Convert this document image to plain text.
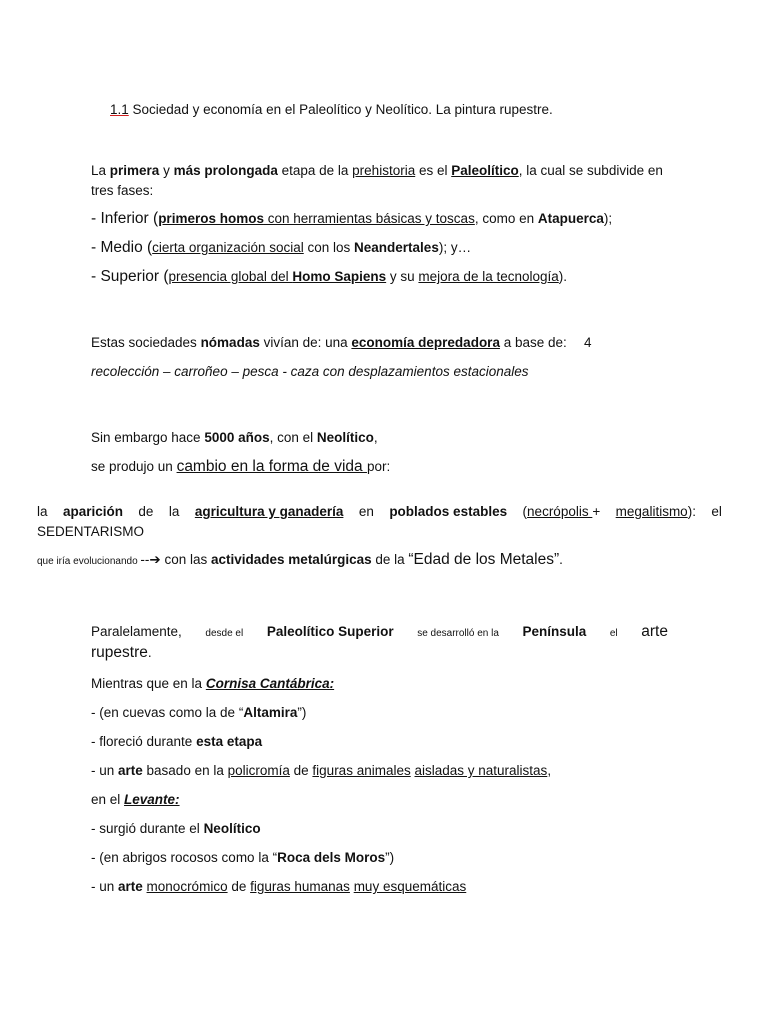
1.1 Sociedad y economía en el Paleolítico y Neolítico. La pintura rupestre.
La primera y más prolongada etapa de la prehistoria es el Paleolítico, la cual se subdivide en
tres fases:
- Inferior (primeros homos con herramientas básicas y toscas, como en Atapuerca);
- Medio (cierta organización social con los Neandertales); y…
- Superior (presencia global del Homo Sapiens y su mejora de la tecnología).
Estas sociedades nómadas vivían de: una economía depredadora a base de: 4
recolección – carroñeo – pesca - caza con desplazamientos estacionales
Sin embargo hace 5000 años, con el Neolítico,
se produjo un cambio en la forma de vida por:
la aparición de la agricultura y ganadería en poblados estables (necrópolis + megalitismo): el
SEDENTARISMO
que iría evolucionando --➔ con las actividades metalúrgicas de la “Edad de los Metales”.
Paralelamente, desde el Paleolítico Superior se desarrolló en la Península el arte
rupestre.
Mientras que en la Cornisa Cantábrica:
- (en cuevas como la de “Altamira”)
- floreció durante esta etapa
- un arte basado en la policromía de figuras animales aisladas y naturalistas,
en el Levante:
- surgió durante el Neolítico
- (en abrigos rocosos como la “Roca dels Moros”)
- un arte monocrómico de figuras humanas muy esquemáticas
